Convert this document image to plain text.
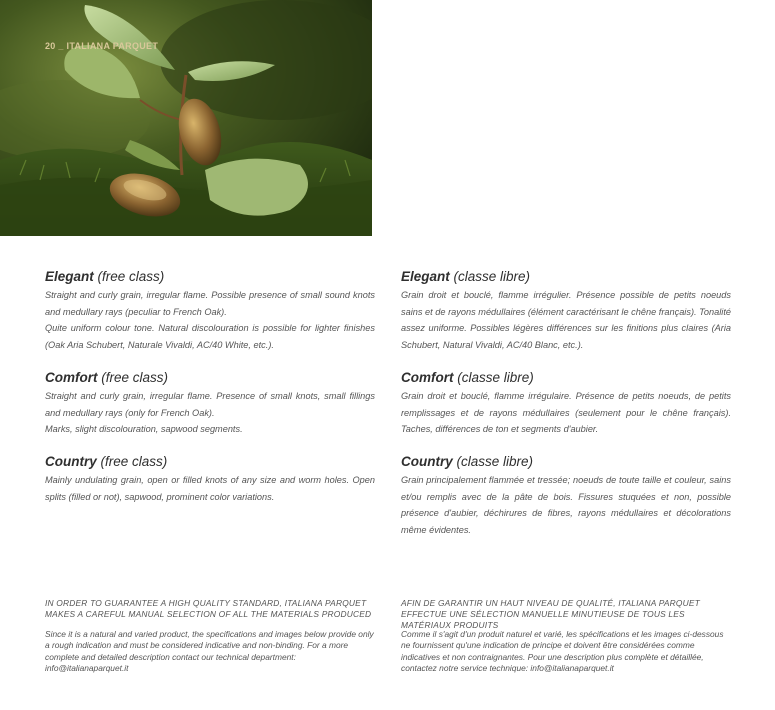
20 _ ITALIANA PARQUET

Elegant (free class)

Straight and curly grain, irregular flame. Possible presence of small sound knots and medullary rays (peculiar to French Oak).

Quite uniform colour tone. Natural discolouration is possible for lighter finishes (Oak Aria Schubert, Naturale Vivaldi, AC/40 White, etc.).

Comfort (free class)

Straight and curly grain, irregular flame. Presence of small knots, small fillings and medullary rays (only for French Oak).

Marks, slight discolouration, sapwood segments.

Country (free class)

Mainly undulating grain, open or filled knots of any size and worm holes. Open splits (filled or not), sapwood, prominent color variations.

IN ORDER TO GUARANTEE A HIGH QUALITY STANDARD, ITALIANA PARQUET MAKES A CAREFUL MANUAL SELECTION OF ALL THE MATERIALS PRODUCED

Since it is a natural and varied product, the specifications and images below provide only a rough indication and must be considered indicative and non-binding. For a more complete and detailed description contact our technical department: info@italianaparquet.it

Elegant (classe libre)

Grain droit et bouclé, flamme irrégulier. Présence possible de petits noeuds sains et de rayons médullaires (élément caractérisant le chêne français). Tonalité assez uniforme. Possibles légères différences sur les finitions plus claires (Aria Schubert, Natural Vivaldi, AC/40 Blanc, etc.).

Comfort (classe libre)

Grain droit et bouclé, flamme irrégulaire. Présence de petits noeuds, de petits remplissages et de rayons médullaires (seulement pour le chêne français). Taches, différences de ton et segments d'aubier.

Country (classe libre)

Grain principalement flammée et tressée; noeuds de toute taille et couleur, sains et/ou remplis avec de la pâte de bois. Fissures stuquées et non, possible présence d'aubier, déchirures de fibres, rayons médullaires et décolorations même évidentes.

AFIN DE GARANTIR UN HAUT NIVEAU DE QUALITÉ, ITALIANA PARQUET EFFECTUE UNE SÉLECTION MANUELLE MINUTIEUSE DE TOUS LES MATÉRIAUX PRODUITS

Comme il s'agit d'un produit naturel et varié, les spécifications et les images ci-dessous ne fournissent qu'une indication de principe et doivent être considérées comme indicatives et non contraignantes. Pour une description plus complète et détaillée, contactez notre service technique: info@italianaparquet.it
